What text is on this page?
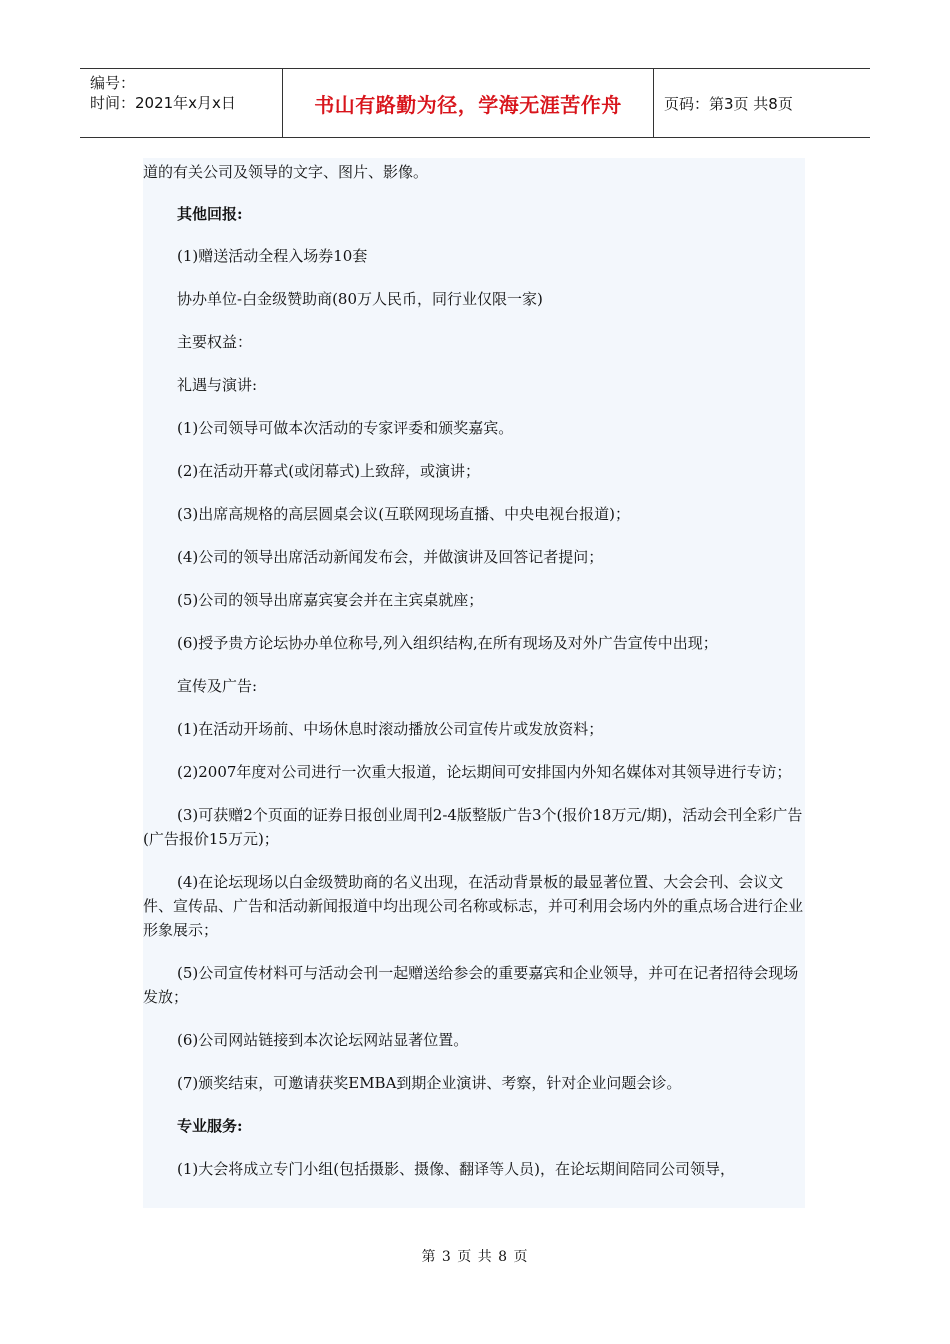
编号：
时间：2021年x月x日	书山有路勤为径，学海无涯苦作舟	页码：第3页 共8页

道的有关公司及领导的文字、图片、影像。

其他回报:

(1)赠送活动全程入场券10套

协办单位-白金级赞助商(80万人民币，同行业仅限一家)

主要权益：

礼遇与演讲:

(1)公司领导可做本次活动的专家评委和颁奖嘉宾。

(2)在活动开幕式(或闭幕式)上致辞，或演讲；

(3)出席高规格的高层圆桌会议(互联网现场直播、中央电视台报道)；

(4)公司的领导出席活动新闻发布会，并做演讲及回答记者提问；

(5)公司的领导出席嘉宾宴会并在主宾桌就座；

(6)授予贵方论坛协办单位称号,列入组织结构,在所有现场及对外广告宣传中出现；

宣传及广告:

(1)在活动开场前、中场休息时滚动播放公司宣传片或发放资料；

(2)2007年度对公司进行一次重大报道，论坛期间可安排国内外知名媒体对其领导进行专访；

(3)可获赠2个页面的证券日报创业周刊2-4版整版广告3个(报价18万元/期)，活动会刊全彩广告(广告报价15万元)；

(4)在论坛现场以白金级赞助商的名义出现，在活动背景板的最显著位置、大会会刊、会议文件、宣传品、广告和活动新闻报道中均出现公司名称或标志，并可利用会场内外的重点场合进行企业形象展示；

(5)公司宣传材料可与活动会刊一起赠送给参会的重要嘉宾和企业领导，并可在记者招待会现场发放；

(6)公司网站链接到本次论坛网站显著位置。

(7)颁奖结束，可邀请获奖EMBA到期企业演讲、考察，针对企业问题会诊。

专业服务:

(1)大会将成立专门小组(包括摄影、摄像、翻译等人员)，在论坛期间陪同公司领导，

第 3 页 共 8 页
